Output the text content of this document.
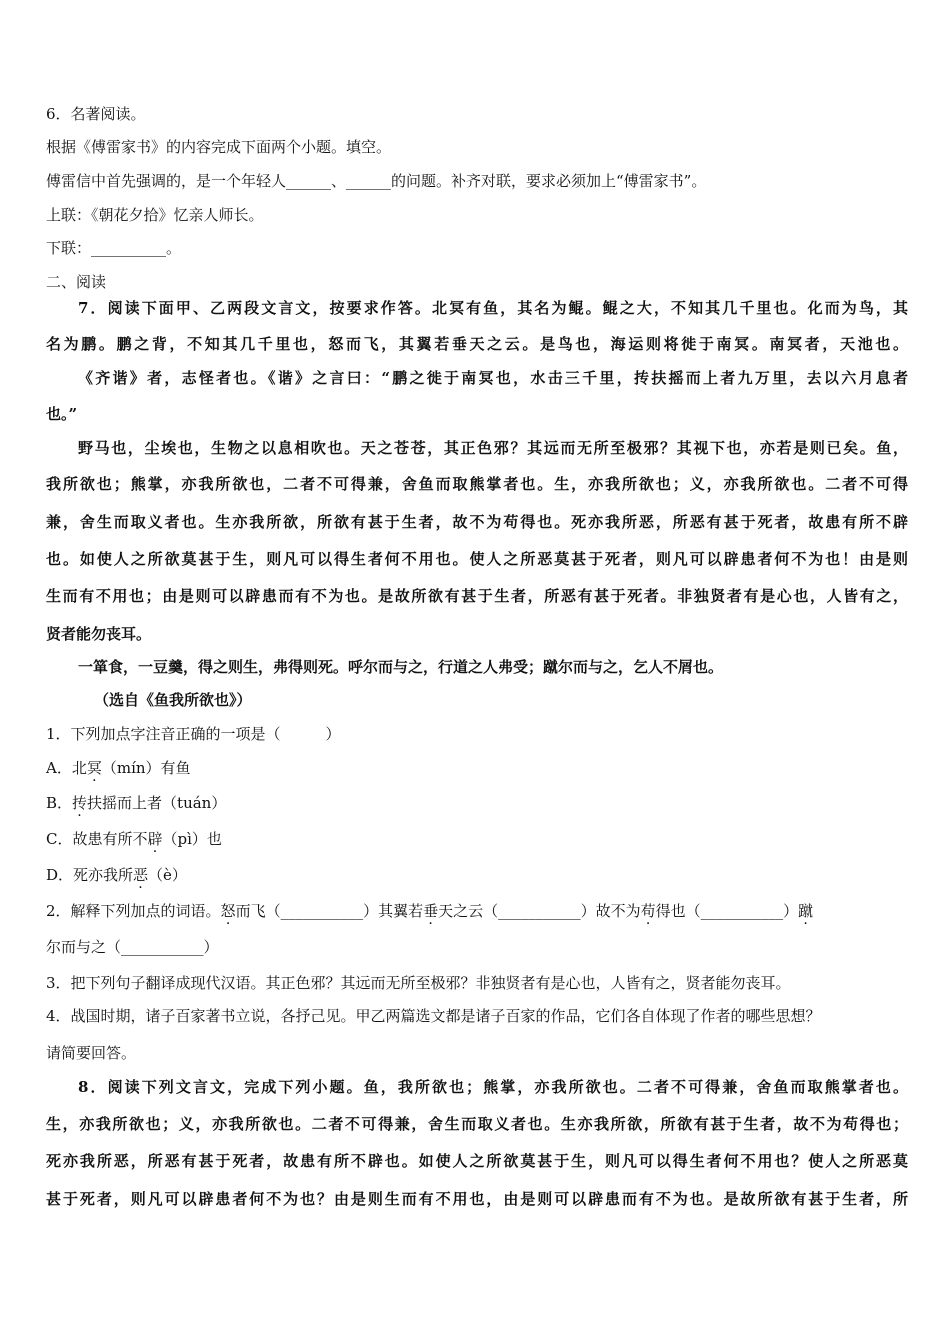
6．名著阅读。
根据《傅雷家书》的内容完成下面两个小题。填空。
傅雷信中首先强调的，是一个年轻人______、______的问题。补齐对联，要求必须加上“傅雷家书”。
上联：《朝花夕拾》忆亲人师长。
下联：__________。
二、阅读
7．阅读下面甲、乙两段文言文，按要求作答。北冥有鱼，其名为鲲。鲲之大，不知其几千里也。化而为鸟，其
名为鹏。鹏之背，不知其几千里也，怒而飞，其翼若垂天之云。是鸟也，海运则将徙于南冥。南冥者，天池也。
《齐谐》者，志怪者也。《谐》之言曰：“鹏之徙于南冥也，水击三千里，抟扶摇而上者九万里，去以六月息者
也。”
野马也，尘埃也，生物之以息相吹也。天之苍苍，其正色邪？其远而无所至极邪？其视下也，亦若是则已矣。鱼，
我所欲也；熊掌，亦我所欲也，二者不可得兼，舍鱼而取熊掌者也。生，亦我所欲也；义，亦我所欲也。二者不可得
兼，舍生而取义者也。生亦我所欲，所欲有甚于生者，故不为苟得也。死亦我所恶，所恶有甚于死者，故患有所不辟
也。如使人之所欲莫甚于生，则凡可以得生者何不用也。使人之所恶莫甚于死者，则凡可以辟患者何不为也！由是则
生而有不用也；由是则可以辟患而有不为也。是故所欲有甚于生者，所恶有甚于死者。非独贤者有是心也，人皆有之，
贤者能勿丧耳。
一箪食，一豆羹，得之则生，弗得则死。呼尔而与之，行道之人弗受；蹴尔而与之，乞人不屑也。
（选自《鱼我所欲也》）
1．下列加点字注音正确的一项是（　　　）
A．北冥（mín）有鱼
B．抟扶摇而上者（tuán）
C．故患有所不辟（pì）也
D．死亦我所恶（è）
2．解释下列加点的词语。怒而飞（___________）其翼若垂天之云（___________）故不为苟得也（___________）蹴
尔而与之（___________）
3．把下列句子翻译成现代汉语。其正色邪？其远而无所至极邪？非独贤者有是心也，人皆有之，贤者能勿丧耳。
4．战国时期，诸子百家著书立说，各抒己见。甲乙两篇选文都是诸子百家的作品，它们各自体现了作者的哪些思想？
请简要回答。
8．阅读下列文言文，完成下列小题。鱼，我所欲也；熊掌，亦我所欲也。二者不可得兼，舍鱼而取熊掌者也。
生，亦我所欲也；义，亦我所欲也。二者不可得兼，舍生而取义者也。生亦我所欲，所欲有甚于生者，故不为苟得也；
死亦我所恶，所恶有甚于死者，故患有所不辟也。如使人之所欲莫甚于生，则凡可以得生者何不用也？使人之所恶莫
甚于死者，则凡可以辟患者何不为也？由是则生而有不用也，由是则可以辟患而有不为也。是故所欲有甚于生者，所
